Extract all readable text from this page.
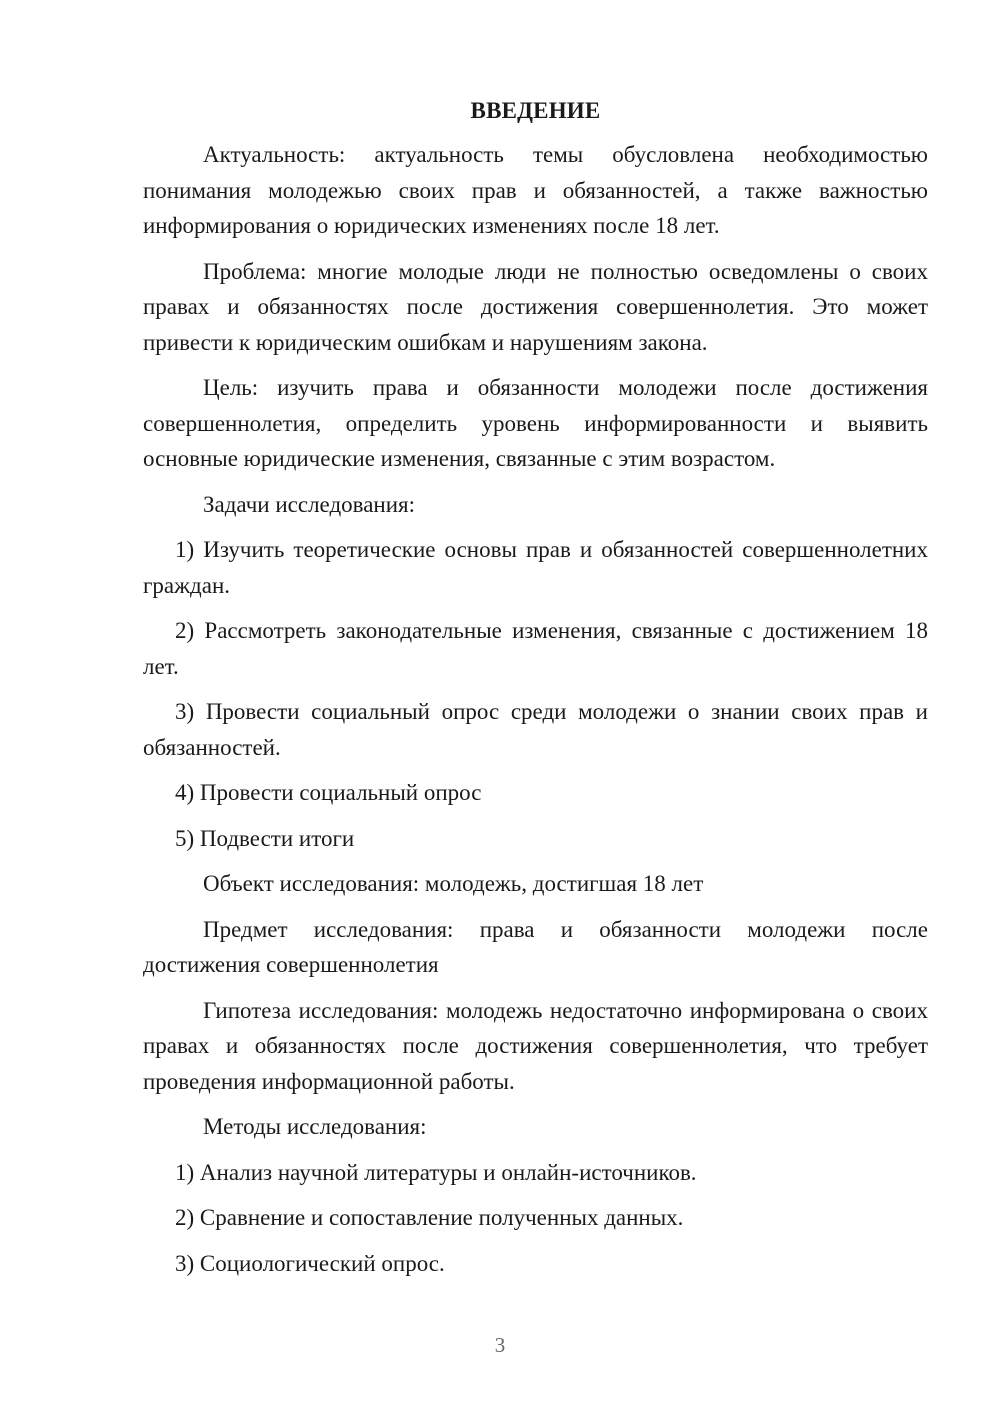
ВВЕДЕНИЕ

Актуальность: актуальность темы обусловлена необходимостью понимания молодежью своих прав и обязанностей, а также важностью информирования о юридических изменениях после 18 лет.

Проблема: многие молодые люди не полностью осведомлены о своих правах и обязанностях после достижения совершеннолетия. Это может привести к юридическим ошибкам и нарушениям закона.

Цель: изучить права и обязанности молодежи после достижения совершеннолетия, определить уровень информированности и выявить основные юридические изменения, связанные с этим возрастом.

Задачи исследования:

1) Изучить теоретические основы прав и обязанностей совершеннолетних граждан.

2) Рассмотреть законодательные изменения, связанные с достижением 18 лет.

3) Провести социальный опрос среди молодежи о знании своих прав и обязанностей.

4) Провести социальный опрос

5) Подвести итоги

Объект исследования: молодежь, достигшая 18 лет

Предмет исследования: права и обязанности молодежи после достижения совершеннолетия

Гипотеза исследования: молодежь недостаточно информирована о своих правах и обязанностях после достижения совершеннолетия, что требует проведения информационной работы.

Методы исследования:

1) Анализ научной литературы и онлайн-источников.

2) Сравнение и сопоставление полученных данных.

3) Социологический опрос.

3
